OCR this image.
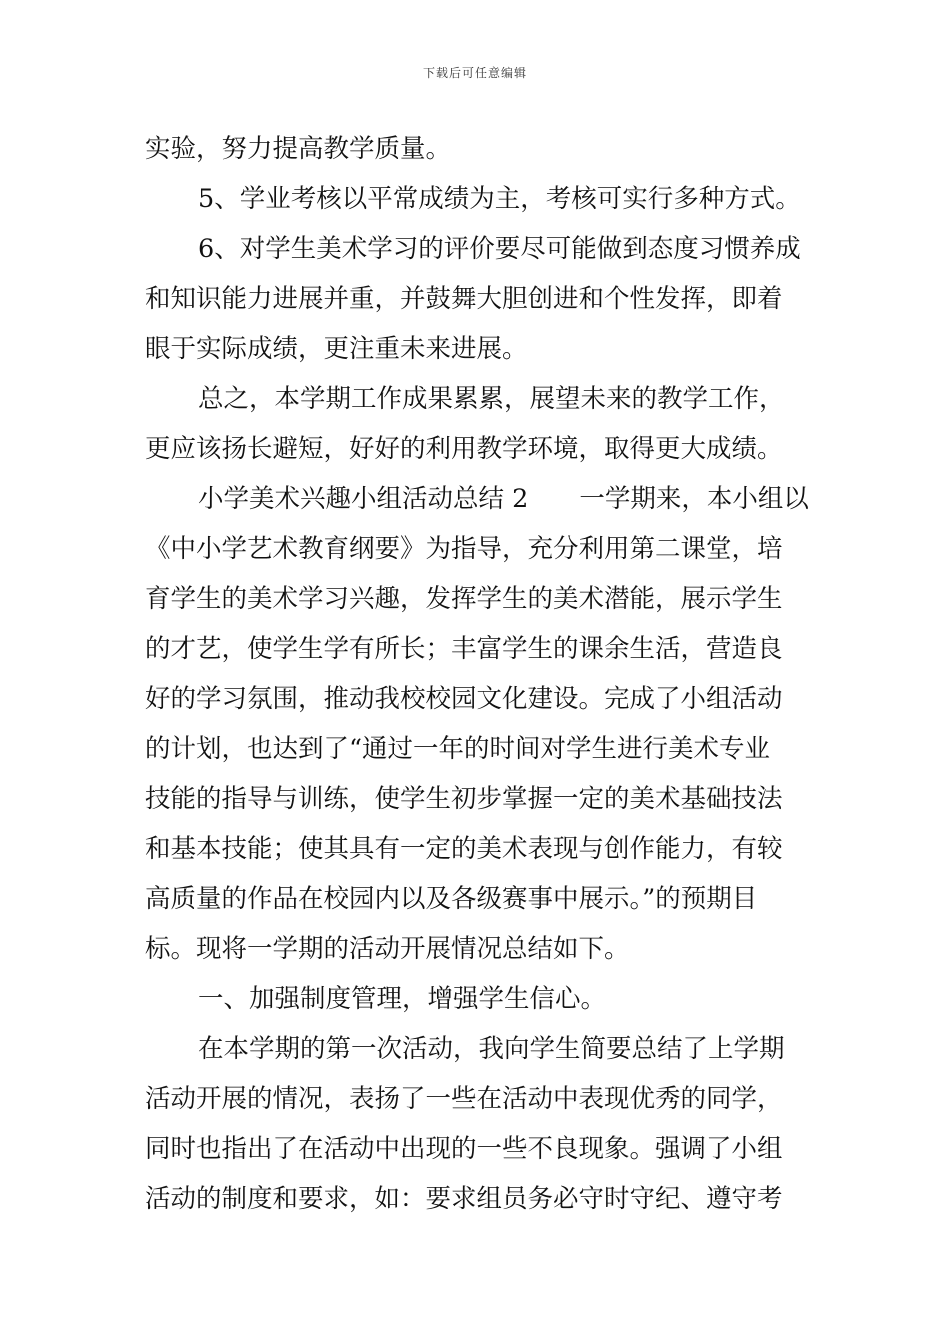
下载后可任意编辑
实验，努力提高教学质量。
5、学业考核以平常成绩为主，考核可实行多种方式。
6、对学生美术学习的评价要尽可能做到态度习惯养成
和知识能力进展并重，并鼓舞大胆创进和个性发挥，即着
眼于实际成绩，更注重未来进展。
总之，本学期工作成果累累，展望未来的教学工作，
更应该扬长避短，好好的利用教学环境，取得更大成绩。
小学美术兴趣小组活动总结 2　　一学期来，本小组以
《中小学艺术教育纲要》为指导，充分利用第二课堂，培
育学生的美术学习兴趣，发挥学生的美术潜能，展示学生
的才艺，使学生学有所长；丰富学生的课余生活，营造良
好的学习氛围，推动我校校园文化建设。完成了小组活动
的计划，也达到了“通过一年的时间对学生进行美术专业
技能的指导与训练，使学生初步掌握一定的美术基础技法
和基本技能；使其具有一定的美术表现与创作能力，有较
高质量的作品在校园内以及各级赛事中展示。”的预期目
标。现将一学期的活动开展情况总结如下。
一、加强制度管理，增强学生信心。
在本学期的第一次活动，我向学生简要总结了上学期
活动开展的情况，表扬了一些在活动中表现优秀的同学，
同时也指出了在活动中出现的一些不良现象。强调了小组
活动的制度和要求，如：要求组员务必守时守纪、遵守考
